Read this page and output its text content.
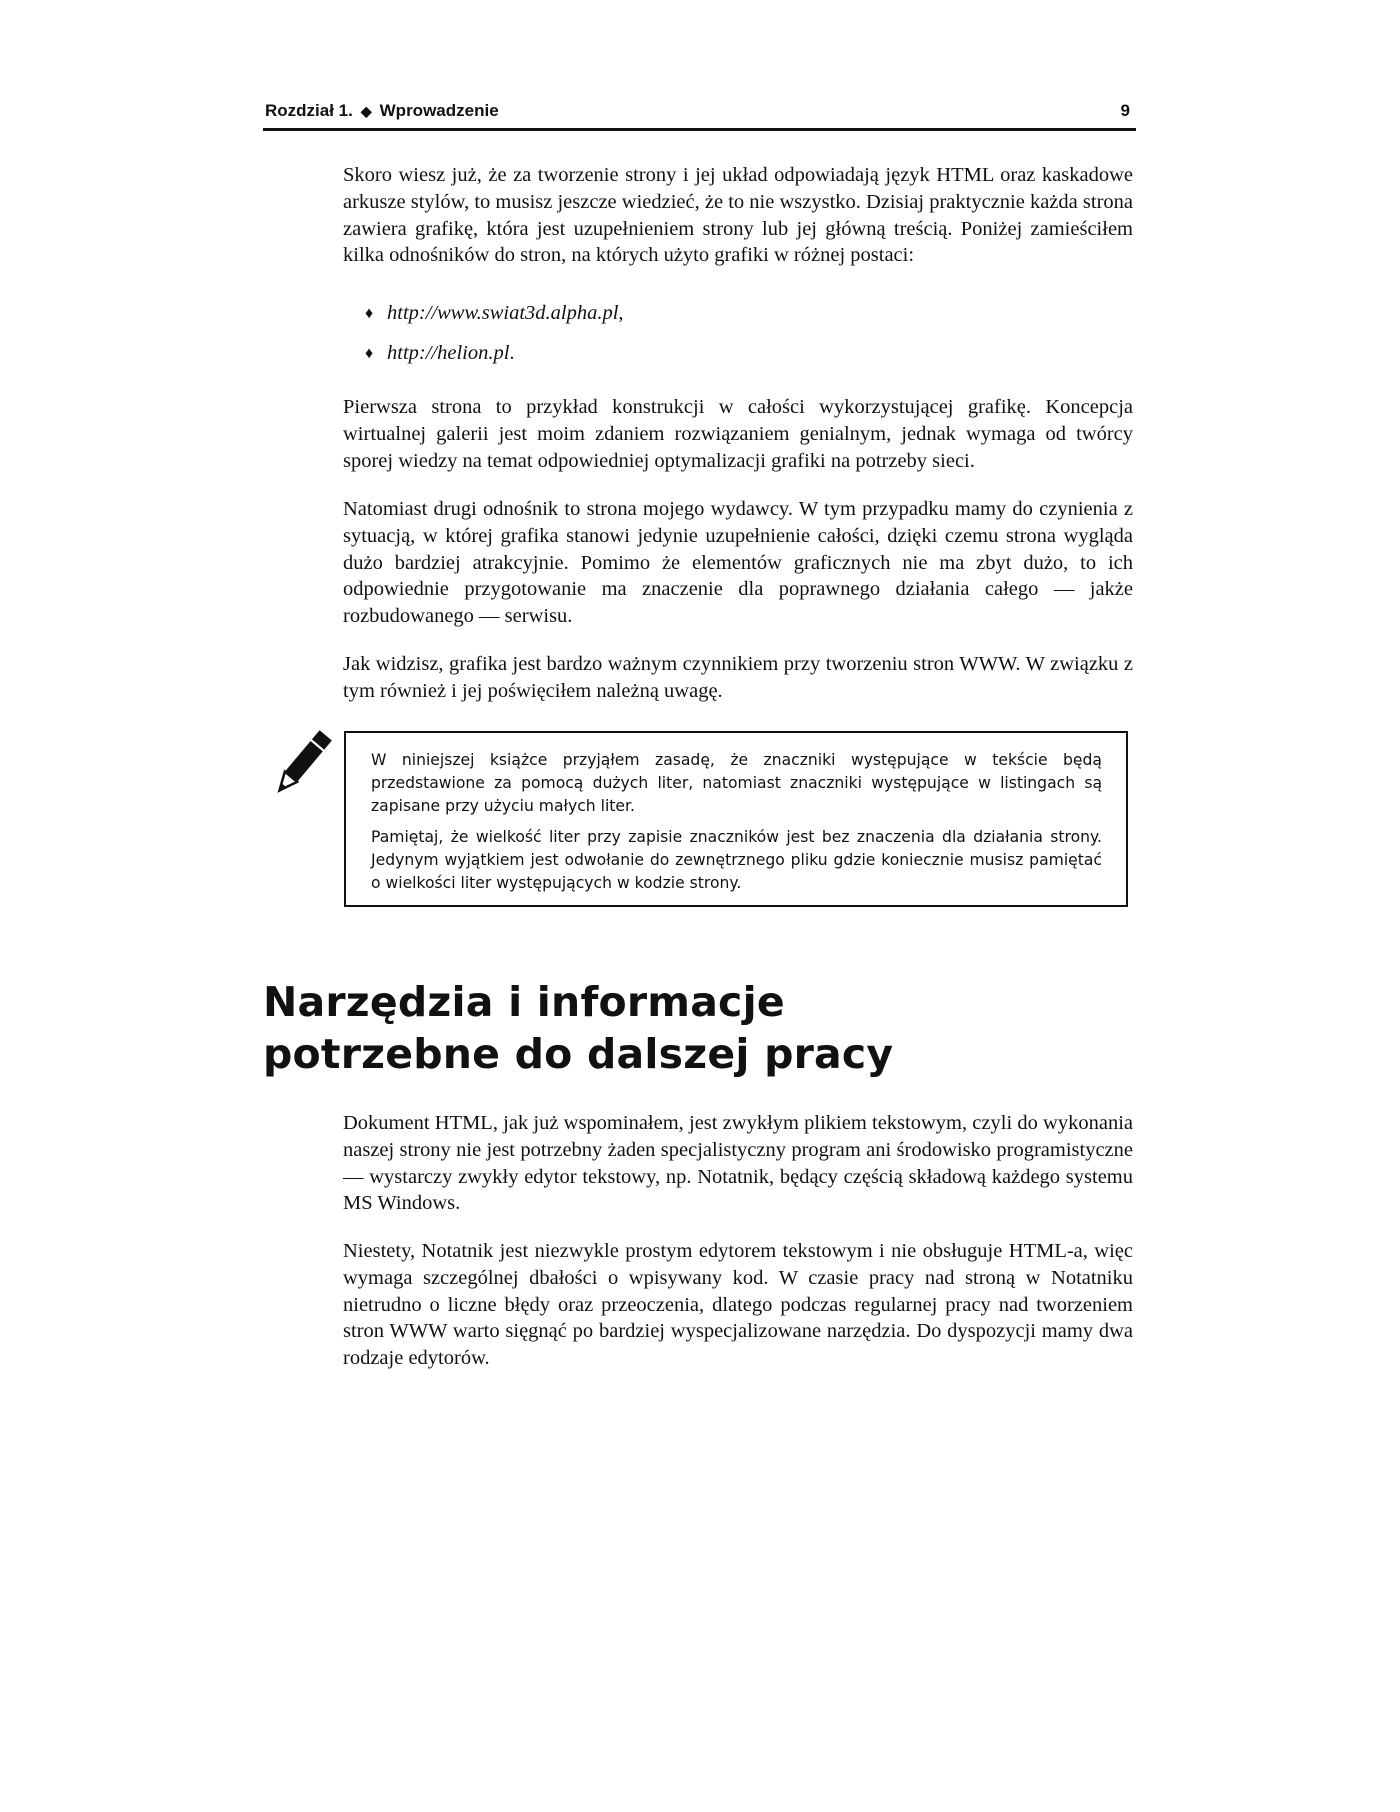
Rozdział 1. ◆ Wprowadzenie	9

Skoro wiesz już, że za tworzenie strony i jej układ odpowiadają język HTML oraz kaskadowe arkusze stylów, to musisz jeszcze wiedzieć, że to nie wszystko. Dzisiaj praktycznie każda strona zawiera grafikę, która jest uzupełnieniem strony lub jej główną treścią. Poniżej zamieściłem kilka odnośników do stron, na których użyto grafiki w różnej postaci:

♦ http://www.swiat3d.alpha.pl,
♦ http://helion.pl.

Pierwsza strona to przykład konstrukcji w całości wykorzystującej grafikę. Koncepcja wirtualnej galerii jest moim zdaniem rozwiązaniem genialnym, jednak wymaga od twórcy sporej wiedzy na temat odpowiedniej optymalizacji grafiki na potrzeby sieci.

Natomiast drugi odnośnik to strona mojego wydawcy. W tym przypadku mamy do czynienia z sytuacją, w której grafika stanowi jedynie uzupełnienie całości, dzięki czemu strona wygląda dużo bardziej atrakcyjnie. Pomimo że elementów graficznych nie ma zbyt dużo, to ich odpowiednie przygotowanie ma znaczenie dla poprawnego działania całego — jakże rozbudowanego — serwisu.

Jak widzisz, grafika jest bardzo ważnym czynnikiem przy tworzeniu stron WWW. W związku z tym również i jej poświęciłem należną uwagę.

W niniejszej książce przyjąłem zasadę, że znaczniki występujące w tekście będą przedstawione za pomocą dużych liter, natomiast znaczniki występujące w listingach są zapisane przy użyciu małych liter.

Pamiętaj, że wielkość liter przy zapisie znaczników jest bez znaczenia dla działania strony. Jedynym wyjątkiem jest odwołanie do zewnętrznego pliku gdzie koniecznie musisz pamiętać o wielkości liter występujących w kodzie strony.

Narzędzia i informacje
potrzebne do dalszej pracy

Dokument HTML, jak już wspominałem, jest zwykłym plikiem tekstowym, czyli do wykonania naszej strony nie jest potrzebny żaden specjalistyczny program ani środowisko programistyczne — wystarczy zwykły edytor tekstowy, np. Notatnik, będący częścią składową każdego systemu MS Windows.

Niestety, Notatnik jest niezwykle prostym edytorem tekstowym i nie obsługuje HTML-a, więc wymaga szczególnej dbałości o wpisywany kod. W czasie pracy nad stroną w Notatniku nietrudno o liczne błędy oraz przeoczenia, dlatego podczas regularnej pracy nad tworzeniem stron WWW warto sięgnąć po bardziej wyspecjalizowane narzędzia. Do dyspozycji mamy dwa rodzaje edytorów.
